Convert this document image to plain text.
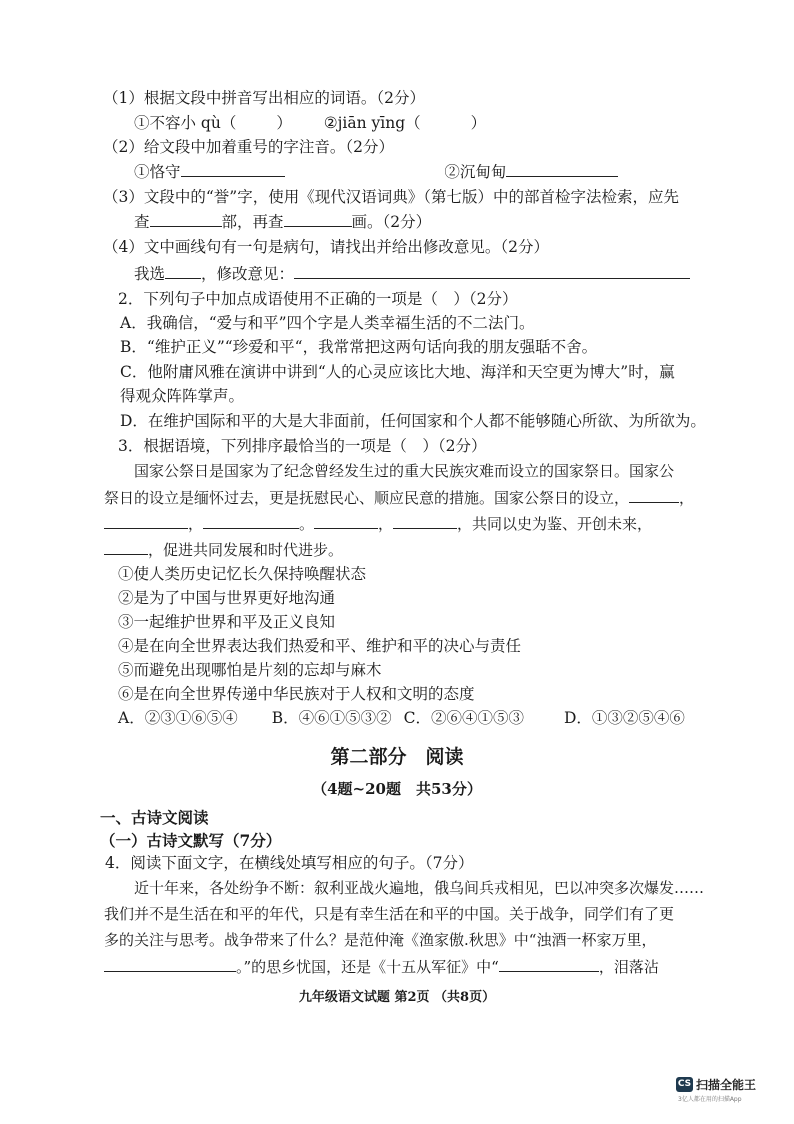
（1）根据文段中拼音写出相应的词语。（2分）
①不容小 qù（	） ②jiān yīng（	）
（2）给文段中加着重号的字注音。（2分）
①恪守	②沉甸甸
（3）文段中的“誉”字，使用《现代汉语词典》（第七版）中的部首检字法检索，应先
查	部，再查	画。（2分）
（4）文中画线句有一句是病句，请找出并给出修改意见。（2分）
我选 ，修改意见：
2．下列句子中加点成语使用不正确的一项是（　）（2分）
A．我确信，“爱与和平”四个字是人类幸福生活的不二法门。
B．“维护正义”“珍爱和平“，我常常把这两句话向我的朋友强聒不舍。
C．他附庸风雅在演讲中讲到“人的心灵应该比大地、海洋和天空更为博大”时，赢
得观众阵阵掌声。
D．在维护国际和平的大是大非面前，任何国家和个人都不能够随心所欲、为所欲为。
3．根据语境，下列排序最恰当的一项是（　）（2分）
国家公祭日是国家为了纪念曾经发生过的重大民族灾难而设立的国家祭日。国家公
祭日的设立是缅怀过去，更是抚慰民心、顺应民意的措施。国家公祭日的设立，	，
，	。	，	，共同以史为鉴、开创未来，
，促进共同发展和时代进步。
①使人类历史记忆长久保持唤醒状态
②是为了中国与世界更好地沟通
③一起维护世界和平及正义良知
④是在向全世界表达我们热爱和平、维护和平的决心与责任
⑤而避免出现哪怕是片刻的忘却与麻木
⑥是在向全世界传递中华民族对于人权和文明的态度
A．②③①⑥⑤④ B．④⑥①⑤③② C．②⑥④①⑤③	D．①③②⑤④⑥
第二部分　阅读
（4题~20题　共53分）
一、古诗文阅读
（一）古诗文默写（7分）
4．阅读下面文字，在横线处填写相应的句子。（7分）
近十年来，各处纷争不断：叙利亚战火遍地，俄乌间兵戎相见，巴以冲突多次爆发……
我们并不是生活在和平的年代，只是有幸生活在和平的中国。关于战争，同学们有了更
多的关注与思考。战争带来了什么？是范仲淹《渔家傲.秋思》中“浊酒一杯家万里，
。”的思乡忧国，还是《十五从军征》中“	，泪落沾
九年级语文试题 第2页 （共8页）
CS 扫描全能王
3亿人都在用的扫描App
